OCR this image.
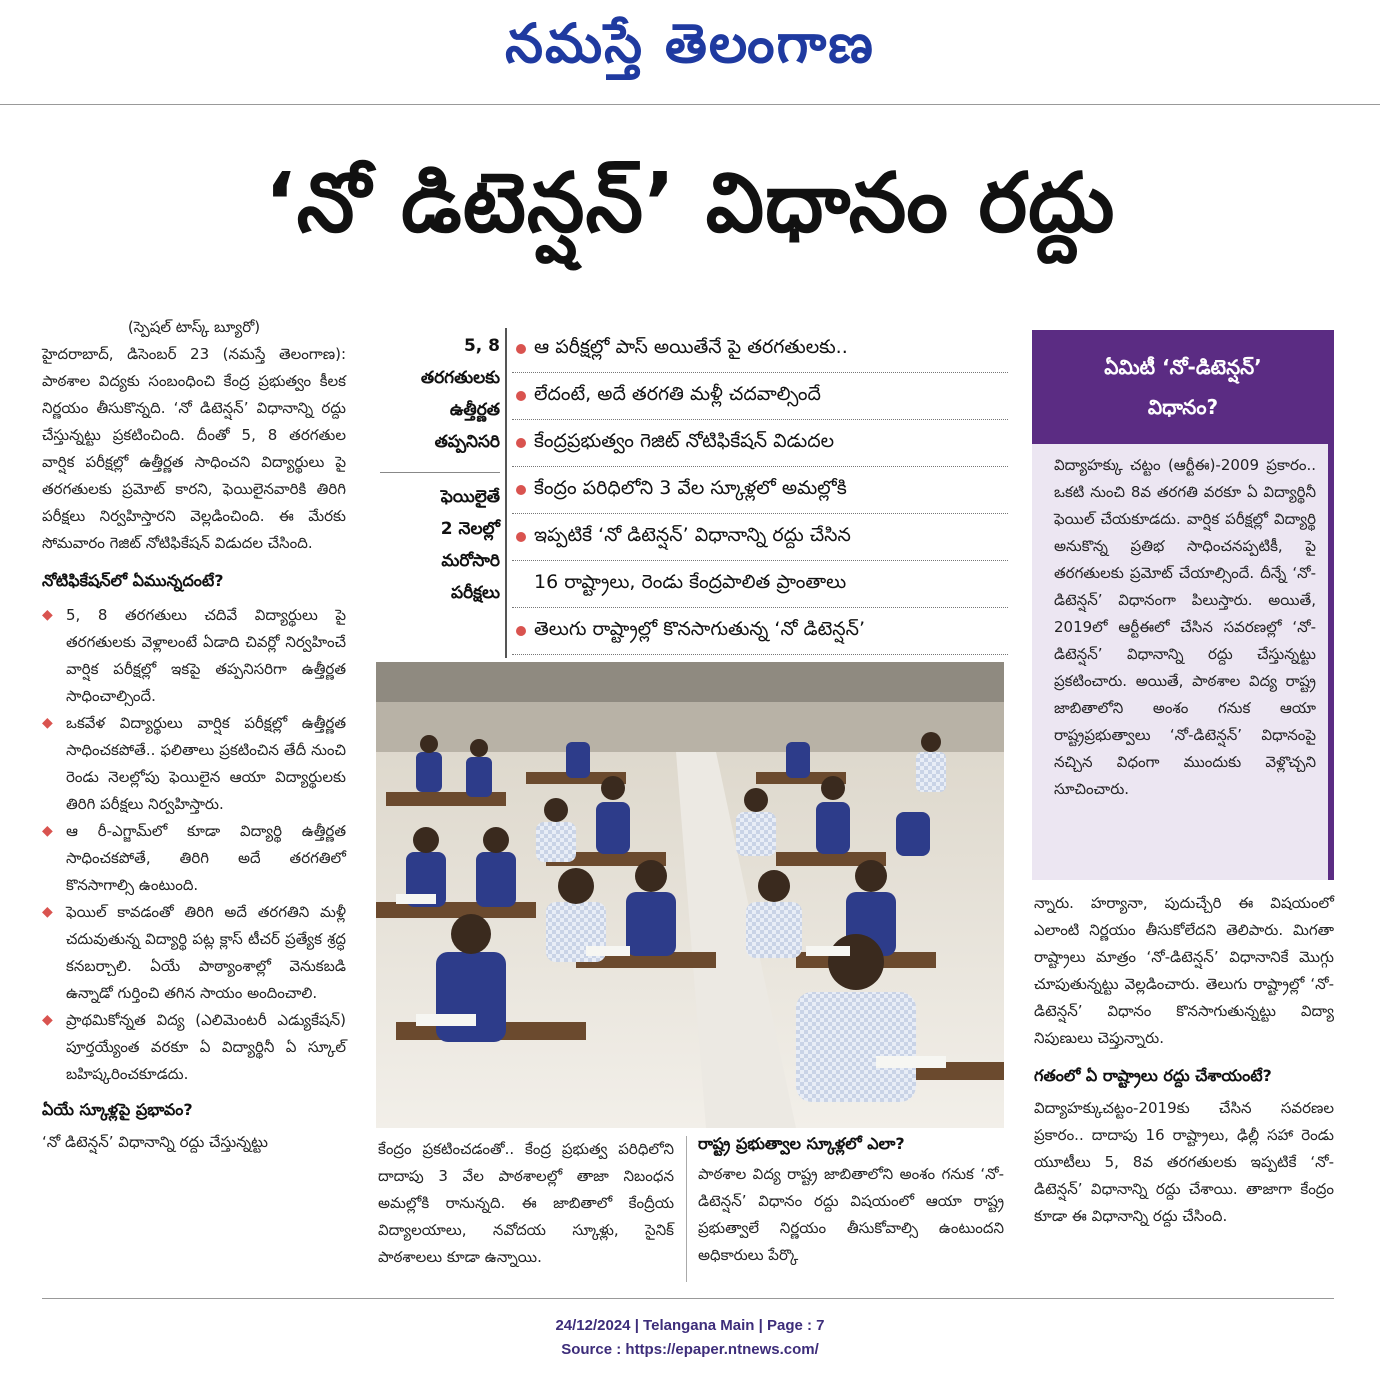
నమస్తే తెలంగాణ
‘నో డిటెన్షన్’ విధానం రద్దు
(స్పెషల్ టాస్క్ బ్యూరో)
హైదరాబాద్, డిసెంబర్ 23 (నమస్తే తెలంగాణ): పాఠశాల విద్యకు సంబంధించి కేంద్ర ప్రభుత్వం కీలక నిర్ణయం తీసుకొన్నది. ‘నో డిటెన్షన్’ విధానాన్ని రద్దు చేస్తున్నట్టు ప్రకటించింది. దీంతో 5, 8 తరగతుల వార్షిక పరీక్షల్లో ఉత్తీర్ణత సాధించని విద్యార్థులు పై తరగతులకు ప్రమోట్ కారని, ఫెయిలైనవారికి తిరిగి పరీక్షలు నిర్వహిస్తారని వెల్లడించింది. ఈ మేరకు సోమవారం గెజిట్ నోటిఫికేషన్ విడుదల చేసింది.
నోటిఫికేషన్‌లో ఏమున్నదంటే?
◆ 5, 8 తరగతులు చదివే విద్యార్థులు పై తరగతులకు వెళ్లాలంటే ఏడాది చివర్లో నిర్వహించే వార్షిక పరీక్షల్లో ఇకపై తప్పనిసరిగా ఉత్తీర్ణత సాధించాల్సిందే.
◆ ఒకవేళ విద్యార్థులు వార్షిక పరీక్షల్లో ఉత్తీర్ణత సాధించకపోతే.. ఫలితాలు ప్రకటించిన తేదీ నుంచి రెండు నెలల్లోపు ఫెయిలైన ఆయా విద్యార్థులకు తిరిగి పరీక్షలు నిర్వహిస్తారు.
◆ ఆ రీ-ఎగ్జామ్‌లో కూడా విద్యార్థి ఉత్తీర్ణత సాధించకపోతే, తిరిగి అదే తరగతిలో కొనసాగాల్సి ఉంటుంది.
◆ ఫెయిల్ కావడంతో తిరిగి అదే తరగతిని మళ్లీ చదువుతున్న విద్యార్థి పట్ల క్లాస్ టీచర్ ప్రత్యేక శ్రద్ధ కనబర్చాలి. ఏయే పాఠ్యాంశాల్లో వెనుకబడి ఉన్నాడో గుర్తించి తగిన సాయం అందించాలి.
◆ ప్రాథమికోన్నత విద్య (ఎలిమెంటరీ ఎడ్యుకేషన్) పూర్తయ్యేంత వరకూ ఏ విద్యార్థినీ ఏ స్కూల్ బహిష్కరించకూడదు.
ఏయే స్కూళ్లపై ప్రభావం?
‘నో డిటెన్షన్’ విధానాన్ని రద్దు చేస్తున్నట్టు
5, 8
తరగతులకు
ఉత్తీర్ణత
తప్పనిసరి
ఫెయిలైతే
2 నెలల్లో
మరోసారి
పరీక్షలు
ఆ పరీక్షల్లో పాస్ అయితేనే పై తరగతులకు..
లేదంటే, అదే తరగతి మళ్లీ చదవాల్సిందే
కేంద్రప్రభుత్వం గెజిట్ నోటిఫికేషన్ విడుదల
కేంద్రం పరిధిలోని 3 వేల స్కూళ్లలో అమల్లోకి
ఇప్పటికే ‘నో డిటెన్షన్’ విధానాన్ని రద్దు చేసిన
16 రాష్ట్రాలు, రెండు కేంద్రపాలిత ప్రాంతాలు
తెలుగు రాష్ట్రాల్లో కొనసాగుతున్న ‘నో డిటెన్షన్’
కేంద్రం ప్రకటించడంతో.. కేంద్ర ప్రభుత్వ పరిధిలోని దాదాపు 3 వేల పాఠశాలల్లో తాజా నిబంధన అమల్లోకి రానున్నది. ఈ జాబితాలో కేంద్రీయ విద్యాలయాలు, నవోదయ స్కూళ్లు, సైనిక్ పాఠశాలలు కూడా ఉన్నాయి.
రాష్ట్ర ప్రభుత్వాల స్కూళ్లలో ఎలా?
పాఠశాల విద్య రాష్ట్ర జాబితాలోని అంశం గనుక ‘నో-డిటెన్షన్’ విధానం రద్దు విషయంలో ఆయా రాష్ట్ర ప్రభుత్వాలే నిర్ణయం తీసుకోవాల్సి ఉంటుందని అధికారులు పేర్కొ
ఏమిటీ ‘నో-డిటెన్షన్’
విధానం?
విద్యాహక్కు చట్టం (ఆర్టీఈ)-2009 ప్రకారం.. ఒకటి నుంచి 8వ తరగతి వరకూ ఏ విద్యార్థినీ ఫెయిల్ చేయకూడదు. వార్షిక పరీక్షల్లో విద్యార్థి అనుకొన్న ప్రతిభ సాధించనప్పటికీ, పై తరగతులకు ప్రమోట్ చేయాల్సిందే. దీన్నే ‘నో-డిటెన్షన్’ విధానంగా పిలుస్తారు. అయితే, 2019లో ఆర్టీఈలో చేసిన సవరణల్లో ‘నో-డిటెన్షన్’ విధానాన్ని రద్దు చేస్తున్నట్టు ప్రకటించారు. అయితే, పాఠశాల విద్య రాష్ట్ర జాబితాలోని అంశం గనుక ఆయా రాష్ట్రప్రభుత్వాలు ‘నో-డిటెన్షన్’ విధానంపై నచ్చిన విధంగా ముందుకు వెళ్లొచ్చని సూచించారు.
న్నారు. హర్యానా, పుదుచ్చేరి ఈ విషయంలో ఎలాంటి నిర్ణయం తీసుకోలేదని తెలిపారు. మిగతా రాష్ట్రాలు మాత్రం ‘నో-డిటెన్షన్’ విధానానికే మొగ్గు చూపుతున్నట్టు వెల్లడించారు. తెలుగు రాష్ట్రాల్లో ‘నో-డిటెన్షన్’ విధానం కొనసాగుతున్నట్టు విద్యా నిపుణులు చెప్తున్నారు.
గతంలో ఏ రాష్ట్రాలు రద్దు చేశాయంటే?
విద్యాహక్కుచట్టం-2019కు చేసిన సవరణల ప్రకారం.. దాదాపు 16 రాష్ట్రాలు, ఢిల్లీ సహా రెండు యూటీలు 5, 8వ తరగతులకు ఇప్పటికే ‘నో-డిటెన్షన్’ విధానాన్ని రద్దు చేశాయి. తాజాగా కేంద్రం కూడా ఈ విధానాన్ని రద్దు చేసింది.
24/12/2024 | Telangana Main | Page : 7
Source : https://epaper.ntnews.com/
